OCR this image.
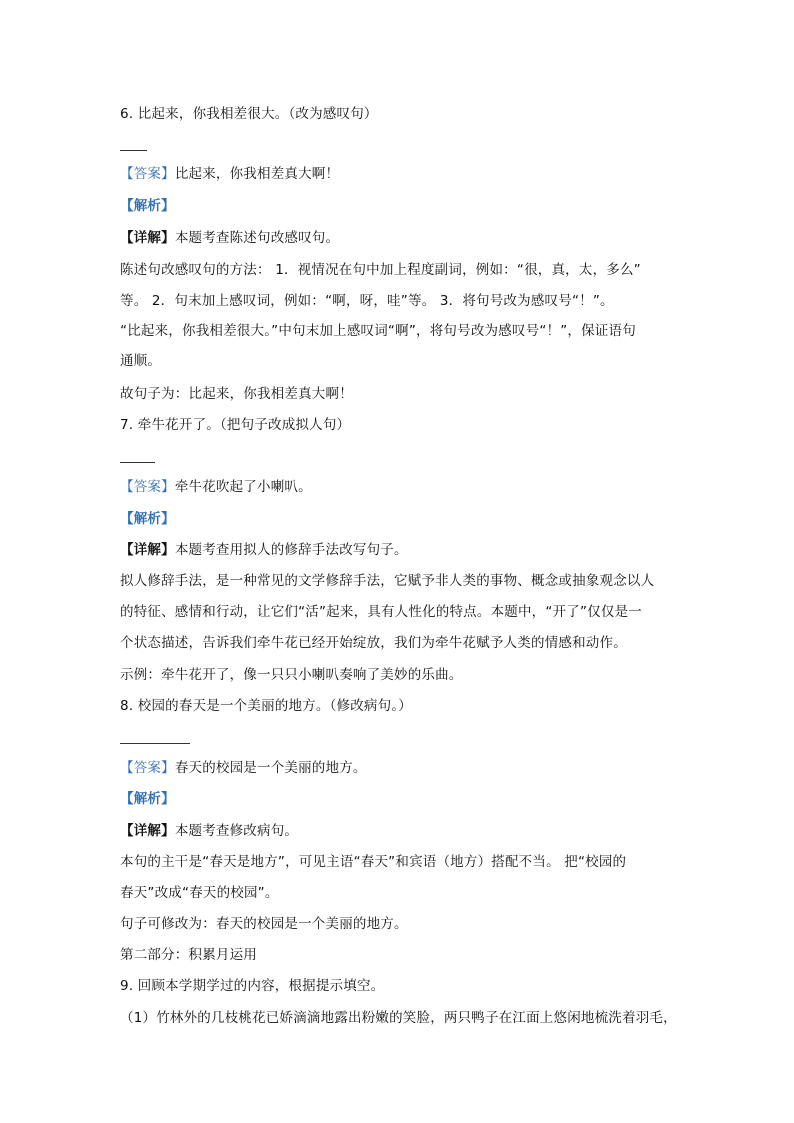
6. 比起来，你我相差很大。（改为感叹句）
【答案】比起来，你我相差真大啊！
【解析】
【详解】本题考查陈述句改感叹句。
陈述句改感叹句的方法： 1．视情况在句中加上程度副词，例如：“很，真，太，多么”
等。 2．句末加上感叹词，例如：“啊，呀，哇”等。 3．将句号改为感叹号“！”。
“比起来，你我相差很大。”中句末加上感叹词“啊”，将句号改为感叹号“！”，保证语句
通顺。
故句子为：比起来，你我相差真大啊！
7. 牵牛花开了。（把句子改成拟人句）
【答案】牵牛花吹起了小喇叭。
【解析】
【详解】本题考查用拟人的修辞手法改写句子。
拟人修辞手法，是一种常见的文学修辞手法，它赋予非人类的事物、概念或抽象观念以人
的特征、感情和行动，让它们“活”起来，具有人性化的特点。本题中，“开了”仅仅是一
个状态描述，告诉我们牵牛花已经开始绽放，我们为牵牛花赋予人类的情感和动作。
示例：牵牛花开了，像一只只小喇叭奏响了美妙的乐曲。
8. 校园的春天是一个美丽的地方。（修改病句。）
【答案】春天的校园是一个美丽的地方。
【解析】
【详解】本题考查修改病句。
本句的主干是“春天是地方”，可见主语“春天”和宾语（地方）搭配不当。 把“校园的
春天”改成“春天的校园”。
句子可修改为：春天的校园是一个美丽的地方。
第二部分：积累月运用
9. 回顾本学期学过的内容，根据提示填空。
（1）竹林外的几枝桃花已娇滴滴地露出粉嫩的笑脸，两只鸭子在江面上悠闲地梳洗着羽毛，
